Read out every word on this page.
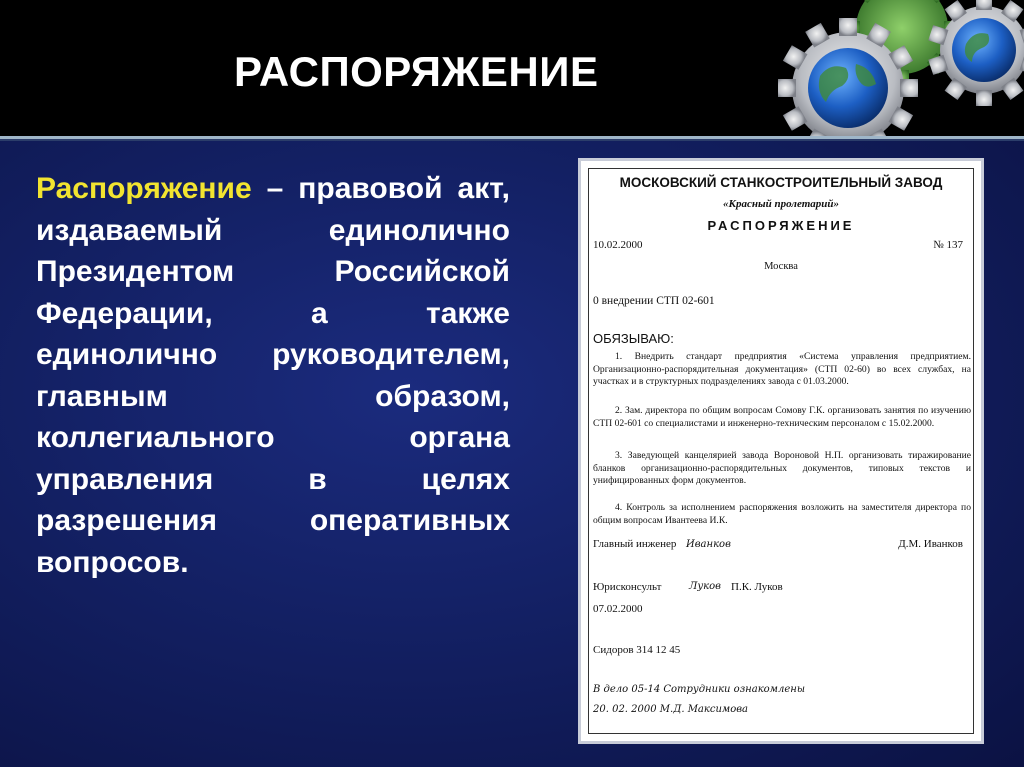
РАСПОРЯЖЕНИЕ
Распоряжение – правовой акт, издаваемый единолично Президентом Российской Федерации, а также единолично руководителем, главным образом, коллегиального органа управления в целях разрешения оперативных вопросов.
МОСКОВСКИЙ СТАНКОСТРОИТЕЛЬНЫЙ ЗАВОД
«Красный пролетарий»
РАСПОРЯЖЕНИЕ
10.02.2000	№ 137
Москва
0 внедрении СТП 02-601
ОБЯЗЫВАЮ:
1. Внедрить стандарт предприятия «Система управления предприятием. Организационно-распорядительная документация» (СТП 02-60) во всех службах, на участках и в структурных подразделениях завода с 01.03.2000.
2. Зам. директора по общим вопросам Сомову Г.К. организовать занятия по изучению СТП 02-601 со специалистами и инженерно-техническим персоналом с 15.02.2000.
3. Заведующей канцелярией завода Вороновой Н.П. организовать тиражирование бланков организационно-распорядительных документов, типовых текстов и унифицированных форм документов.
4. Контроль за исполнением распоряжения возложить на заместителя директора по общим вопросам Ивантеева И.К.
Главный инженер Иванков	Д.М. Иванков
Юрисконсульт	Луков П.К. Луков
07.02.2000
Сидоров 314 12 45
В дело 05-14 Сотрудники ознакомлены
20. 02. 2000 М.Д. Максимова
